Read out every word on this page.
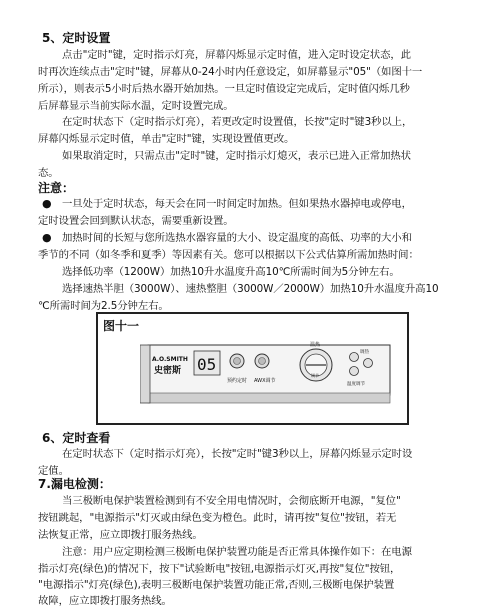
5、定时设置
点击"定时"键，定时指示灯亮，屏幕闪烁显示定时值，进入定时设定状态，此
时再次连续点击"定时"键，屏幕从0-24小时内任意设定，如屏幕显示"05"（如图十一
所示），则表示5小时后热水器开始加热。一旦定时值设定完成后，定时值闪烁几秒
后屏幕显示当前实际水温，定时设置完成。
在定时状态下（定时指示灯亮），若更改定时设置值，长按"定时"键3秒以上，
屏幕闪烁显示定时值，单击"定时"键，实现设置值更改。
如果取消定时，只需点击"定时"键，定时指示灯熄灭，表示已进入正常加热状
态。
注意：
● 一旦处于定时状态，每天会在同一时间定时加热。但如果热水器掉电或停电，
定时设置会回到默认状态，需要重新设置。
● 加热时间的长短与您所选热水器容量的大小、设定温度的高低、功率的大小和
季节的不同（如冬季和夏季）等因素有关。您可以根据以下公式估算所需加热时间：
选择低功率（1200W）加热10升水温度升高10℃所需时间为5分钟左右。
选择速热半胆（3000W）、速热整胆（3000W／2000W）加热10升水温度升高10
℃所需时间为2.5分钟左右。
图十一
A.O.SMITH
史密斯 05
预约定时 AWX调节
温热
调节
调热
温度调节
6、定时查看
在定时状态下（定时指示灯亮），长按"定时"键3秒以上，屏幕闪烁显示定时设
定值。
7.漏电检测：
当三极断电保护装置检测到有不安全用电情况时，会彻底断开电源，"复位"
按钮跳起，"电源指示"灯灭或由绿色变为橙色。此时，请再按"复位"按钮，若无
法恢复正常，应立即拨打服务热线。
注意：用户应定期检测三极断电保护装置功能是否正常具体操作如下：在电源
指示灯亮(绿色)的情况下，按下"试验断电"按钮,电源指示灯灭,再按"复位"按钮，
"电源指示"灯亮(绿色),表明三极断电保护装置功能正常,否则,三极断电保护装置
故障，应立即拨打服务热线。
